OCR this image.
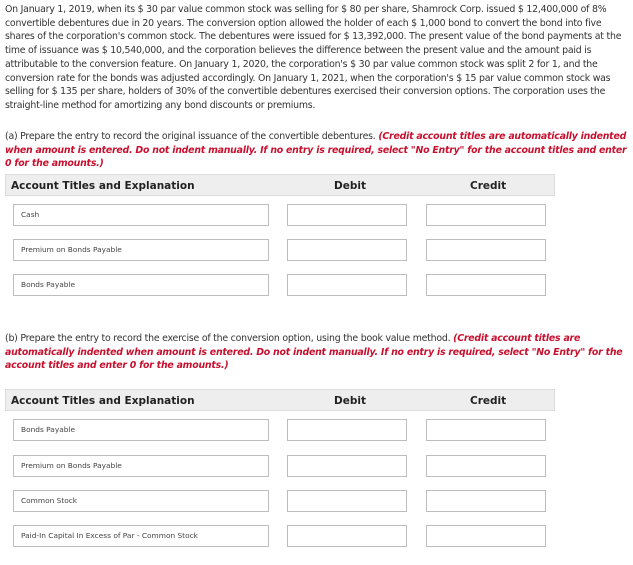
On January 1, 2019, when its $ 30 par value common stock was selling for $ 80 per share, Shamrock Corp. issued $ 12,400,000 of 8% convertible debentures due in 20 years. The conversion option allowed the holder of each $ 1,000 bond to convert the bond into five shares of the corporation's common stock. The debentures were issued for $ 13,392,000. The present value of the bond payments at the time of issuance was $ 10,540,000, and the corporation believes the difference between the present value and the amount paid is attributable to the conversion feature. On January 1, 2020, the corporation's $ 30 par value common stock was split 2 for 1, and the conversion rate for the bonds was adjusted accordingly. On January 1, 2021, when the corporation's $ 15 par value common stock was selling for $ 135 per share, holders of 30% of the convertible debentures exercised their conversion options. The corporation uses the straight-line method for amortizing any bond discounts or premiums.
(a) Prepare the entry to record the original issuance of the convertible debentures. (Credit account titles are automatically indented when amount is entered. Do not indent manually. If no entry is required, select "No Entry" for the account titles and enter 0 for the amounts.)
Account Titles and Explanation	Debit	Credit
Cash
Premium on Bonds Payable
Bonds Payable
(b) Prepare the entry to record the exercise of the conversion option, using the book value method. (Credit account titles are automatically indented when amount is entered. Do not indent manually. If no entry is required, select "No Entry" for the account titles and enter 0 for the amounts.)
Account Titles and Explanation	Debit	Credit
Bonds Payable
Premium on Bonds Payable
Common Stock
Paid-In Capital In Excess of Par - Common Stock
